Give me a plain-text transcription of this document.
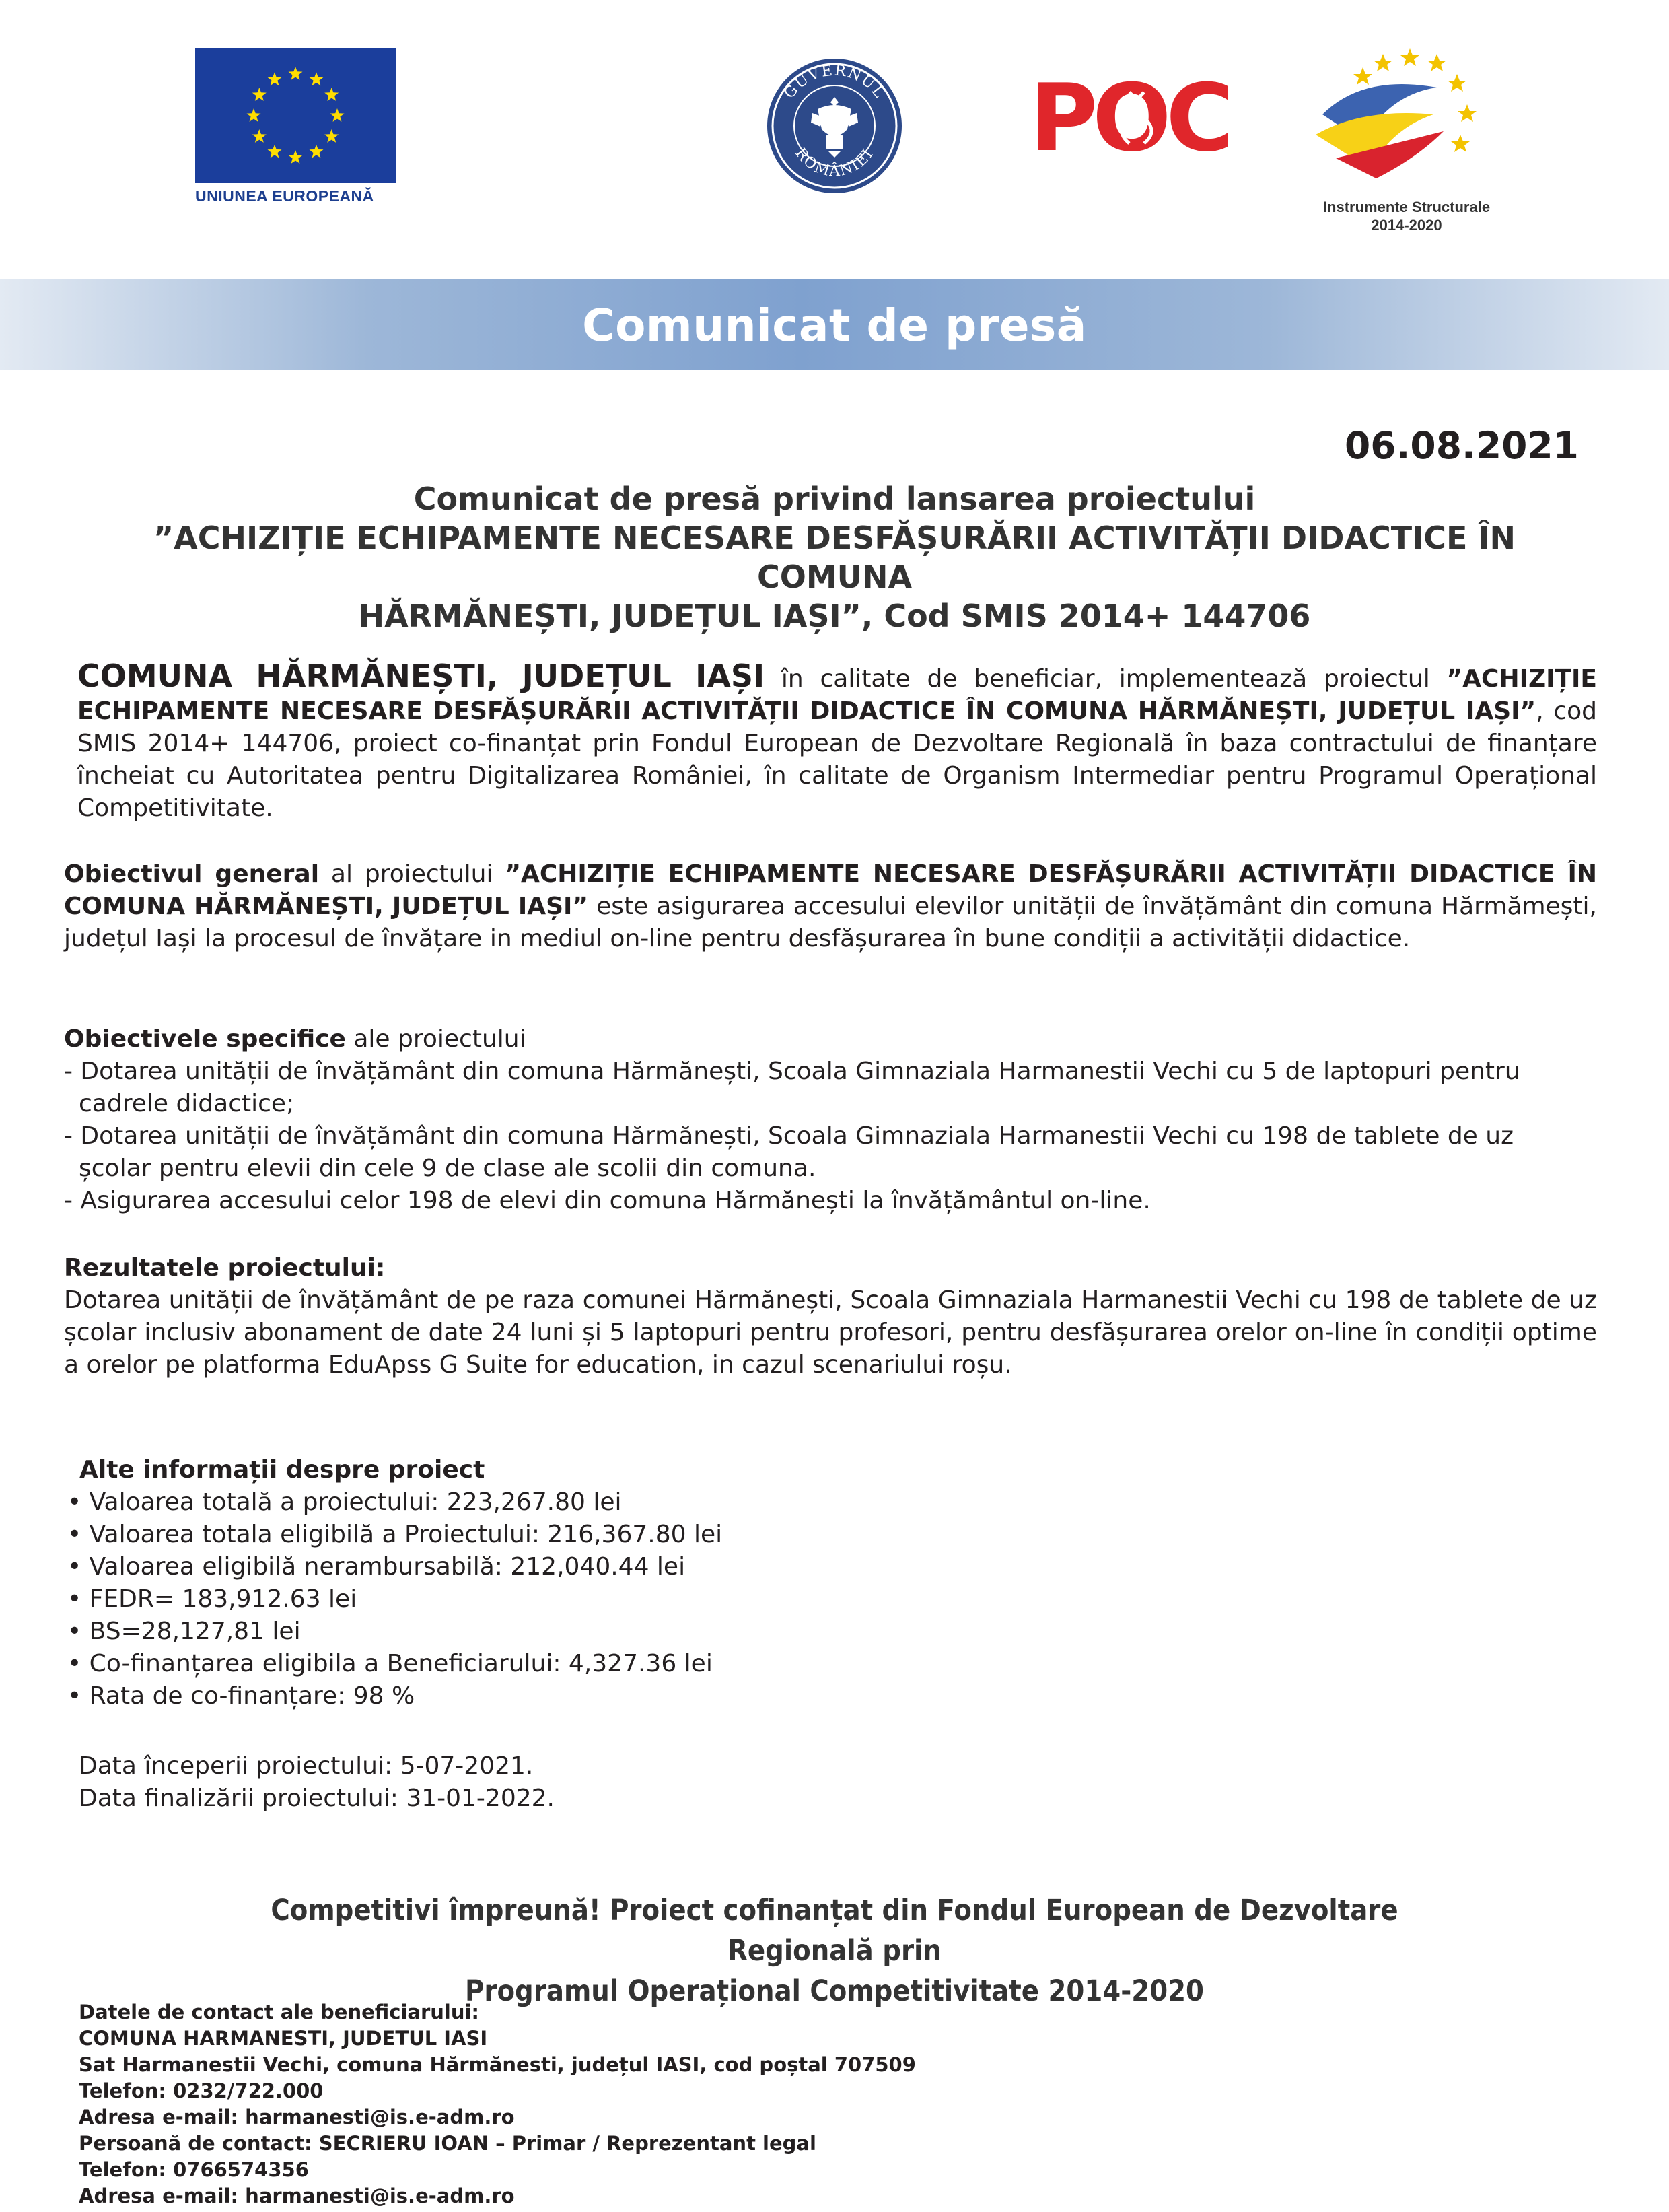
UNIUNEA EUROPEANĂ
GUVERNUL
ROMÂNIEI POC
Instrumente Structurale
2014-2020
Comunicat de presă
06.08.2021
Comunicat de presă privind lansarea proiectului
”ACHIZIȚIE ECHIPAMENTE NECESARE DESFĂȘURĂRII ACTIVITĂȚII DIDACTICE ÎN COMUNA
HĂRMĂNEȘTI, JUDEȚUL IAȘI”, Cod SMIS 2014+ 144706
COMUNA HĂRMĂNEȘTI, JUDEȚUL IAȘI în calitate de beneficiar, implementează proiectul ”ACHIZIȚIE ECHIPAMENTE NECESARE DESFĂȘURĂRII ACTIVITĂȚII DIDACTICE ÎN COMUNA HĂRMĂNEȘTI, JUDEȚUL IAȘI”, cod SMIS 2014+ 144706, proiect co-finanțat prin Fondul European de Dezvoltare Regională în baza contractului de finanțare încheiat cu Autoritatea pentru Digitalizarea României, în calitate de Organism Intermediar pentru Programul Operațional Competitivitate.
Obiectivul general al proiectului ”ACHIZIȚIE ECHIPAMENTE NECESARE DESFĂȘURĂRII ACTIVITĂȚII DIDACTICE ÎN COMUNA HĂRMĂNEȘTI, JUDEȚUL IAȘI” este asigurarea accesului elevilor unității de învățământ din comuna Hărmămești, județul Iași la procesul de învățare in mediul on-line pentru desfășurarea în bune condiții a activității didactice.
Obiectivele specifice ale proiectului
- Dotarea unității de învățământ din comuna Hărmănești, Scoala Gimnaziala Harmanestii Vechi cu 5 de laptopuri pentru
cadrele didactice;
- Dotarea unității de învățământ din comuna Hărmănești, Scoala Gimnaziala Harmanestii Vechi cu 198 de tablete de uz
școlar pentru elevii din cele 9 de clase ale scolii din comuna.
- Asigurarea accesului celor 198 de elevi din comuna Hărmănești la învățământul on-line.
Rezultatele proiectului:
Dotarea unității de învățământ de pe raza comunei Hărmănești, Scoala Gimnaziala Harmanestii Vechi cu 198 de tablete de uz școlar inclusiv abonament de date 24 luni și 5 laptopuri pentru profesori, pentru desfășurarea orelor on-line în condiții optime a orelor pe platforma EduApss G Suite for education, in cazul scenariului roșu.
Alte informații despre proiect
• Valoarea totală a proiectului: 223,267.80 lei
• Valoarea totala eligibilă a Proiectului: 216,367.80 lei
• Valoarea eligibilă nerambursabilă: 212,040.44 lei
• FEDR= 183,912.63 lei
• BS=28,127,81 lei
• Co-finanțarea eligibila a Beneficiarului: 4,327.36 lei
• Rata de co-finanțare: 98 %
Data începerii proiectului: 5-07-2021.
Data finalizării proiectului: 31-01-2022.
Competitivi împreună! Proiect cofinanțat din Fondul European de Dezvoltare Regională prin
Programul Operațional Competitivitate 2014-2020
Datele de contact ale beneficiarului:
COMUNA HARMANESTI, JUDETUL IASI
Sat Harmanestii Vechi, comuna Hărmănesti, județul IASI, cod poștal 707509
Telefon: 0232/722.000
Adresa e-mail: harmanesti@is.e-adm.ro
Persoană de contact: SECRIERU IOAN – Primar / Reprezentant legal
Telefon: 0766574356
Adresa e-mail: harmanesti@is.e-adm.ro
